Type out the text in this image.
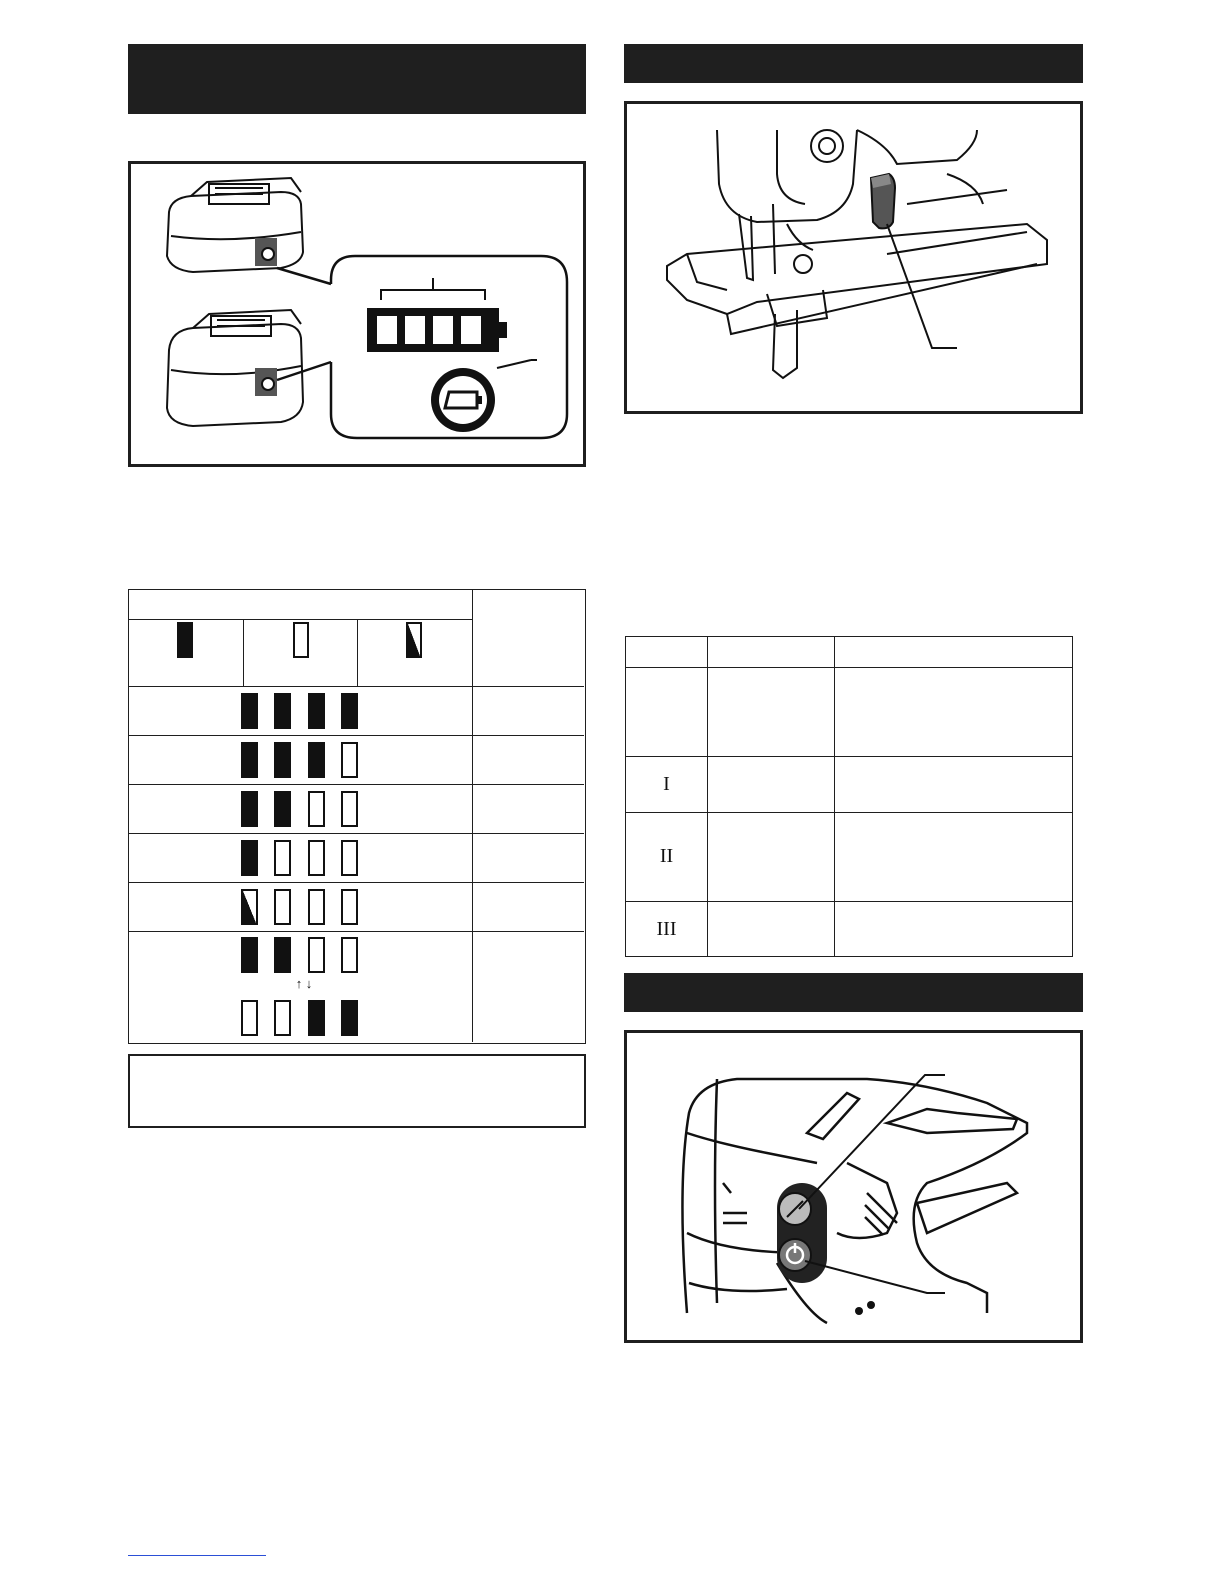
↑ ↓

I		

II		

III		
